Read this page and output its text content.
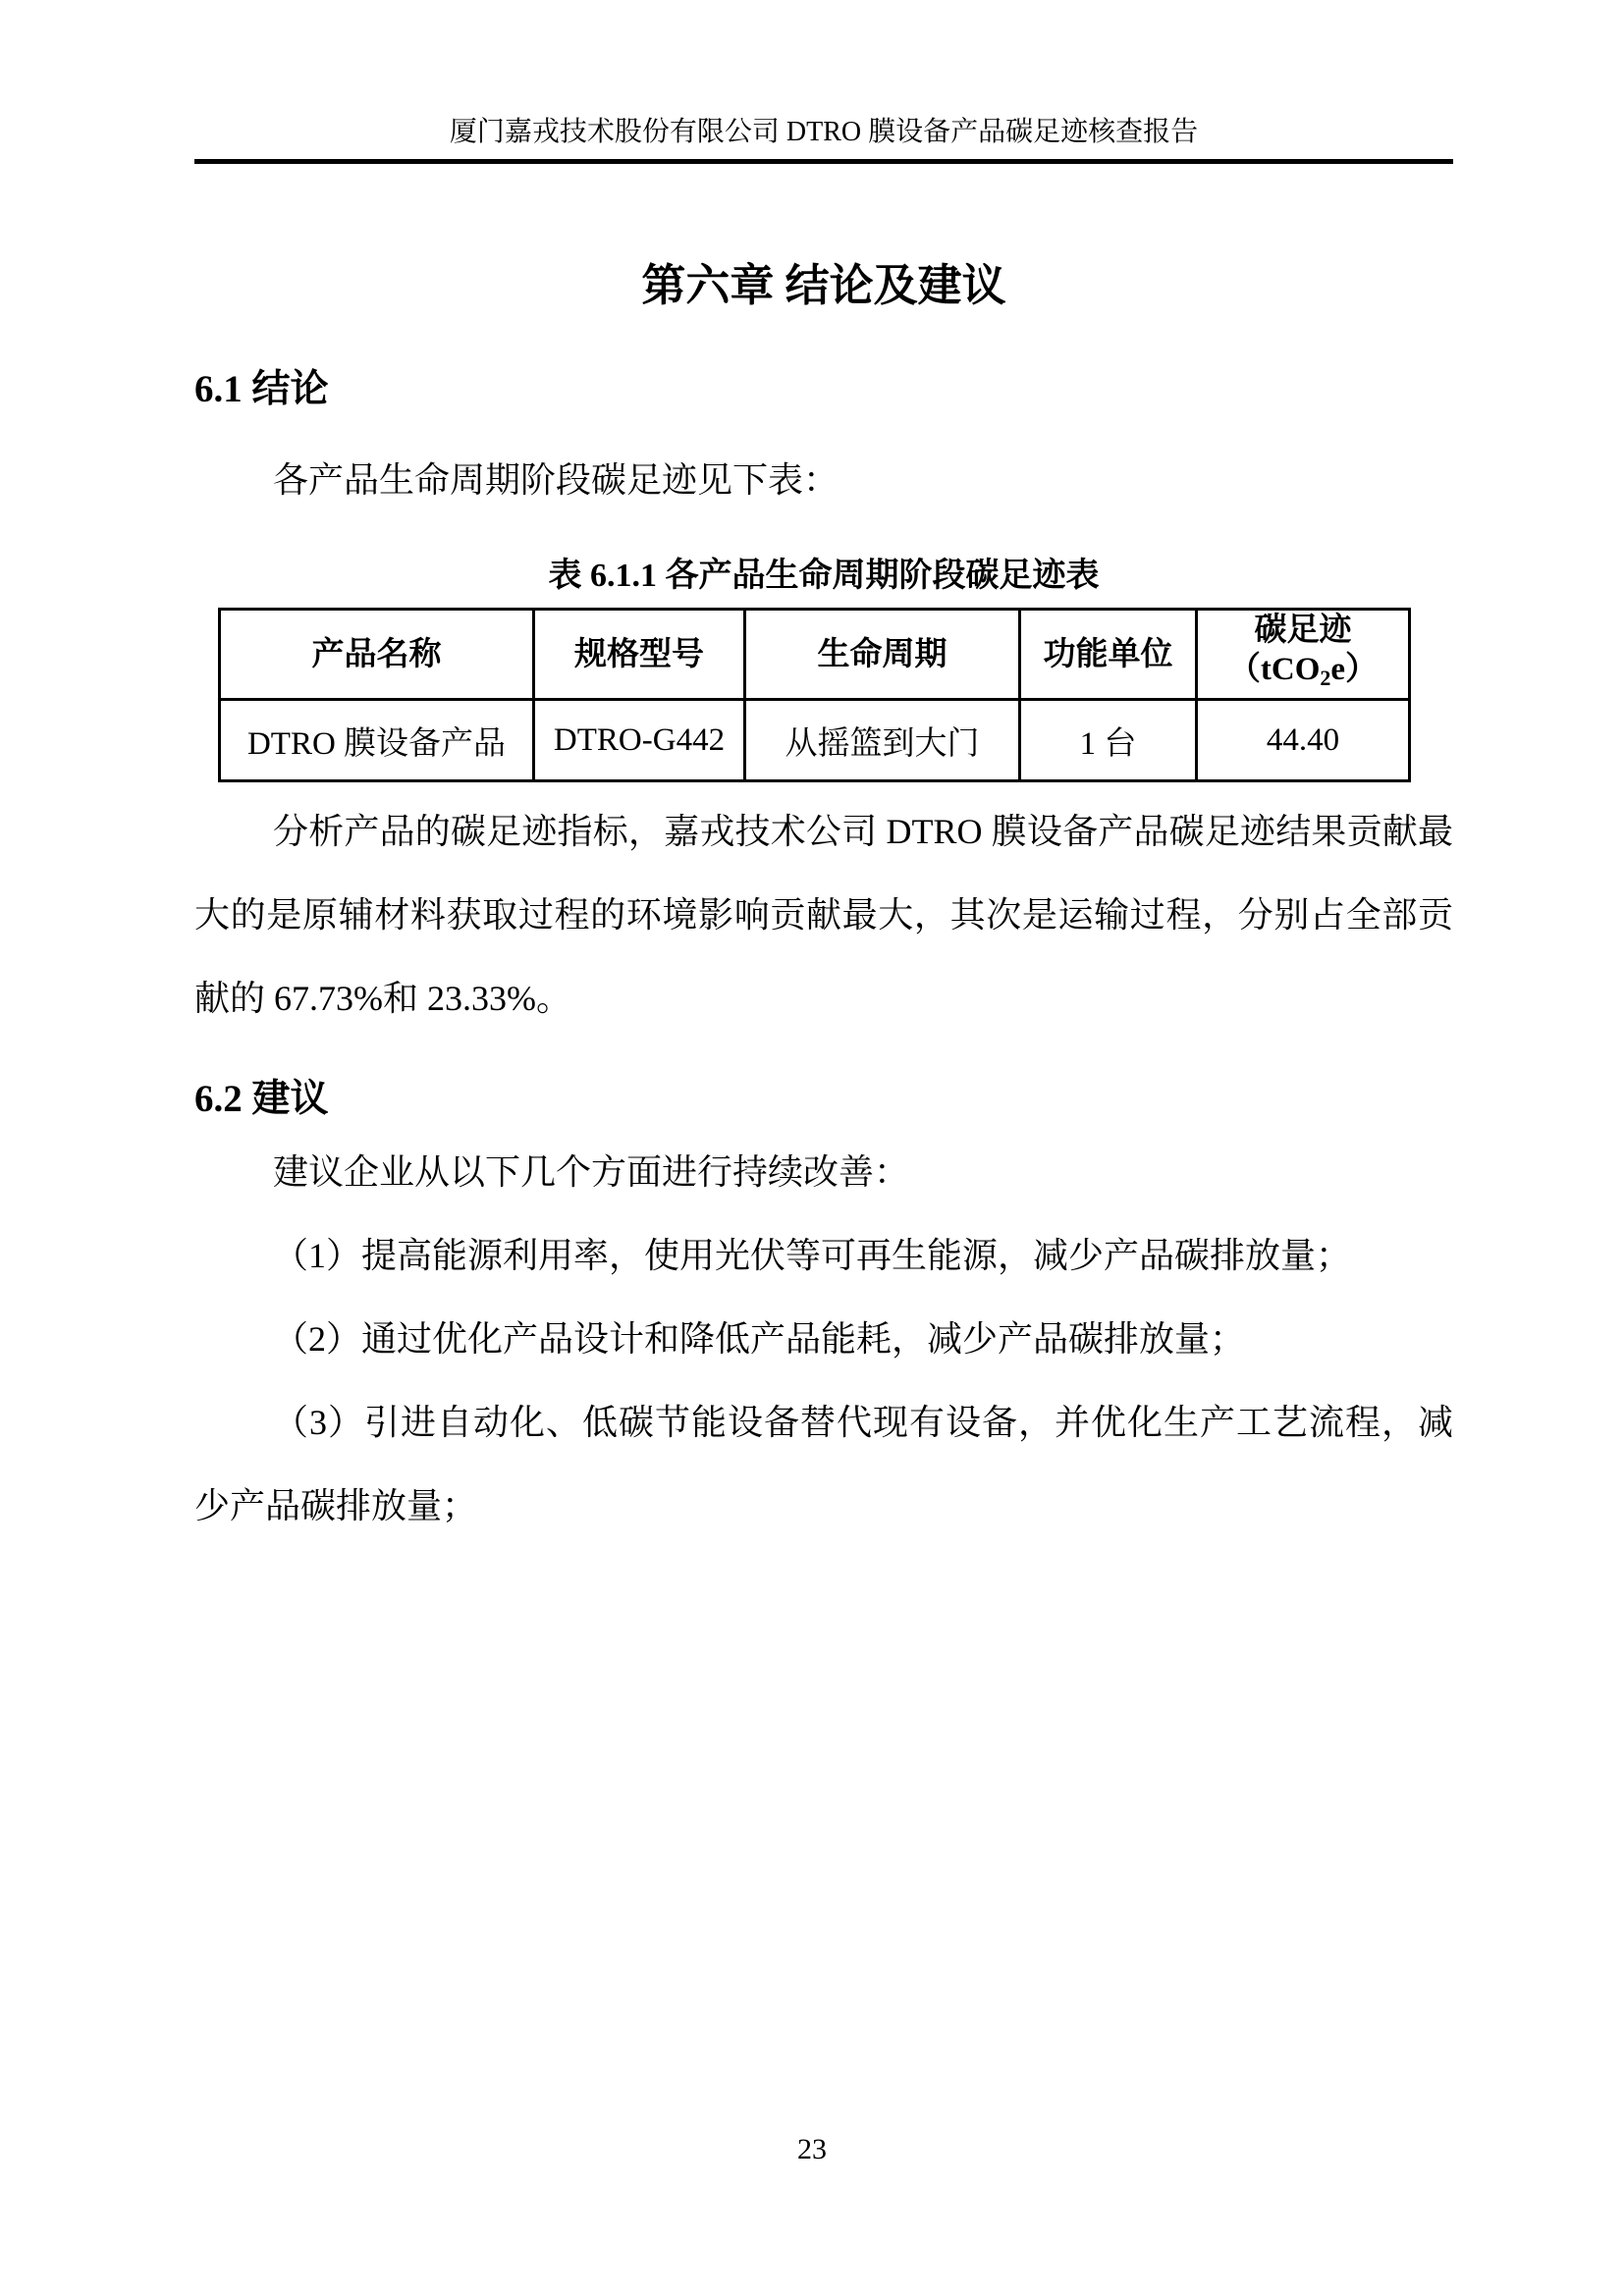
厦门嘉戎技术股份有限公司 DTRO 膜设备产品碳足迹核查报告
第六章 结论及建议
6.1 结论
各产品生命周期阶段碳足迹见下表：
表 6.1.1 各产品生命周期阶段碳足迹表
产品名称	规格型号	生命周期	功能单位	碳足迹
（tCO2e）
DTRO 膜设备产品	DTRO-G442	从摇篮到大门	1 台	44.40
分析产品的碳足迹指标，嘉戎技术公司 DTRO 膜设备产品碳足迹结果贡献最大的是原辅材料获取过程的环境影响贡献最大，其次是运输过程，分别占全部贡献的 67.73%和 23.33%。
6.2 建议

建议企业从以下几个方面进行持续改善：

（1）提高能源利用率，使用光伏等可再生能源，减少产品碳排放量；

（2）通过优化产品设计和降低产品能耗，减少产品碳排放量；

（3）引进自动化、低碳节能设备替代现有设备，并优化生产工艺流程，减少产品碳排放量；

23
